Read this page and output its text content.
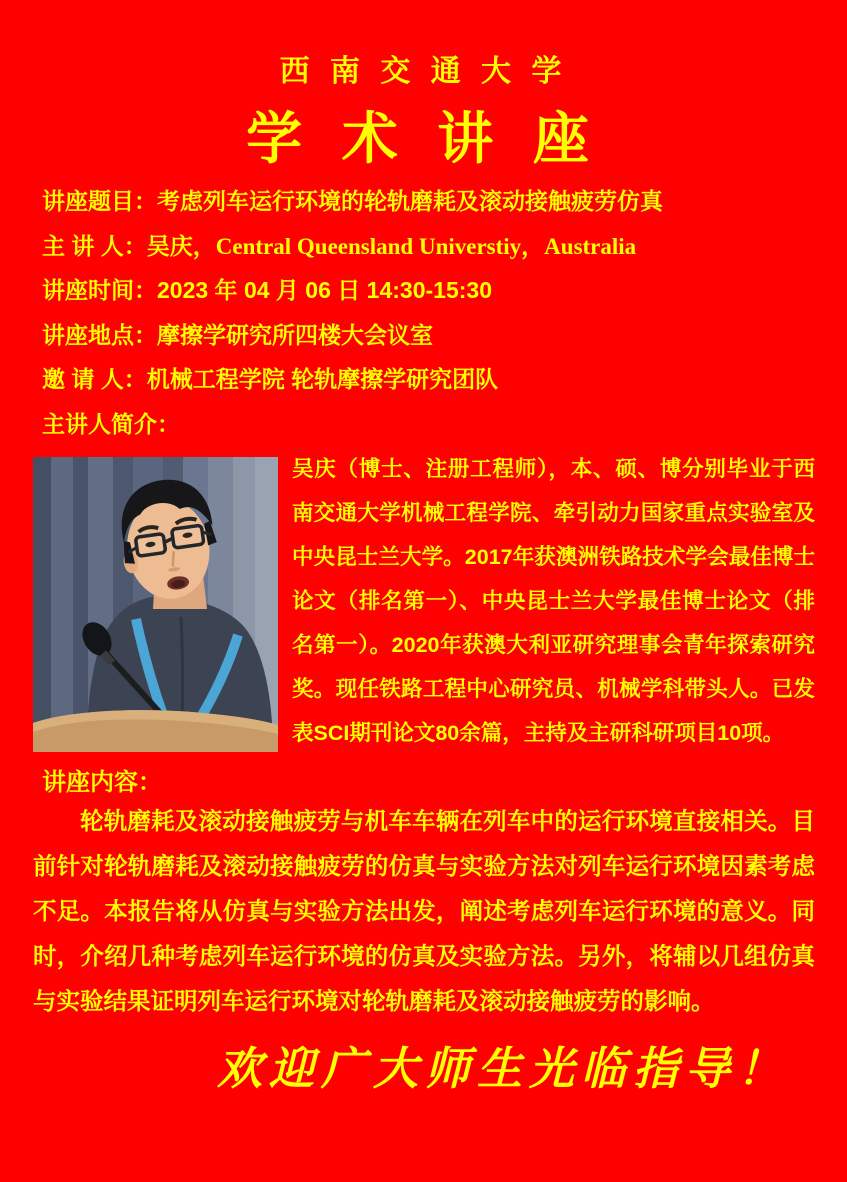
西 南 交 通 大 学
学 术 讲 座
讲座题目：考虑列车运行环境的轮轨磨耗及滚动接触疲劳仿真
主 讲 人：吴庆，Central Queensland Universtiy，Australia
讲座时间：2023 年 04 月 06 日 14:30-15:30
讲座地点：摩擦学研究所四楼大会议室
邀 请 人：机械工程学院 轮轨摩擦学研究团队
主讲人简介：
吴庆（博士、注册工程师），本、硕、博分别毕业于西南交通大学机械工程学院、牵引动力国家重点实验室及中央昆士兰大学。2017年获澳洲铁路技术学会最佳博士论文（排名第一）、中央昆士兰大学最佳博士论文（排名第一）。2020年获澳大利亚研究理事会青年探索研究奖。现任铁路工程中心研究员、机械学科带头人。已发表SCI期刊论文80余篇，主持及主研科研项目10项。
讲座内容：
轮轨磨耗及滚动接触疲劳与机车车辆在列车中的运行环境直接相关。目前针对轮轨磨耗及滚动接触疲劳的仿真与实验方法对列车运行环境因素考虑不足。本报告将从仿真与实验方法出发，阐述考虑列车运行环境的意义。同时，介绍几种考虑列车运行环境的仿真及实验方法。另外，将辅以几组仿真与实验结果证明列车运行环境对轮轨磨耗及滚动接触疲劳的影响。
欢迎广大师生光临指导！
